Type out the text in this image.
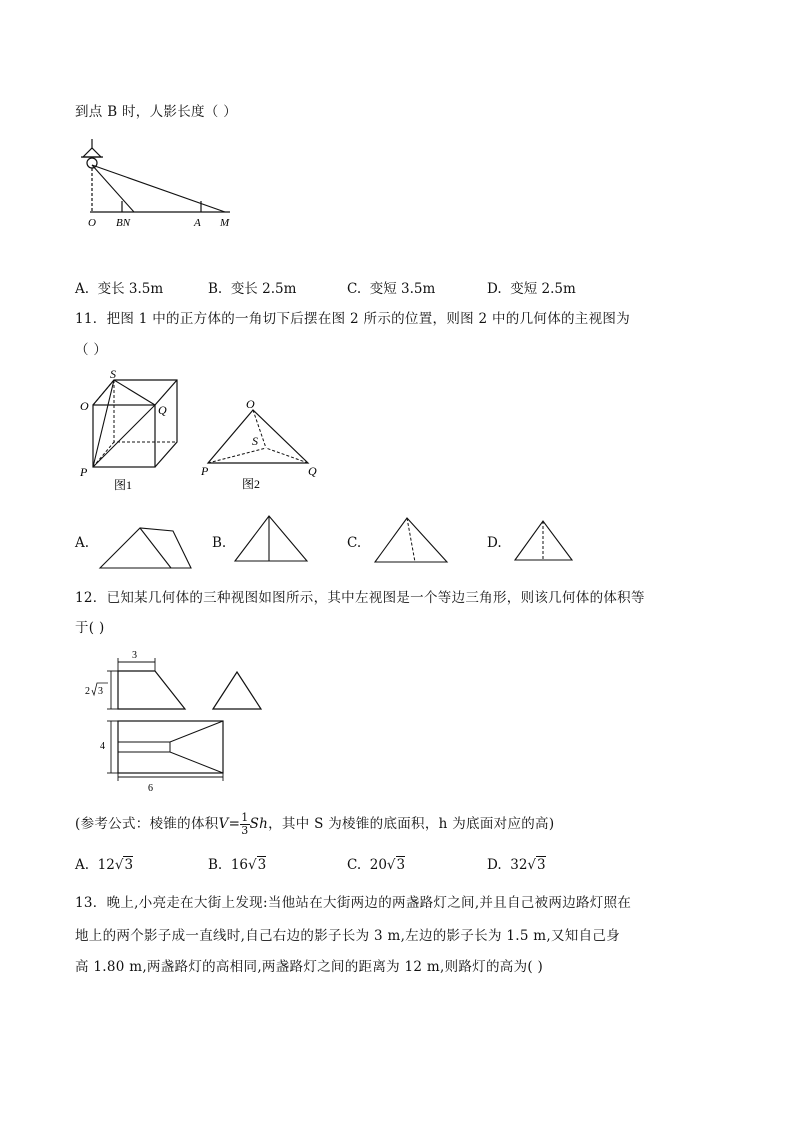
到点 B 时，人影长度（ ）
O BN	A M
A. 变长 3.5m	B. 变长 2.5m	C. 变短 3.5m	D. 变短 2.5m
11．把图 1 中的正方体的一角切下后摆在图 2 所示的位置，则图 2 中的几何体的主视图为
（ ）
S
O	Q
P
图1
O
S
P	Q
图2
A.	B.	C.	D.
12．已知某几何体的三种视图如图所示，其中左视图是一个等边三角形，则该几何体的体积等
于( )
3
2 3
4
6
(参考公式：棱锥的体积$V= \frac{1}{3}$ Sh，其中 S 为棱锥的底面积，h 为底面对应的高)
A. 12√3	B. 16√3	C. 20√3	D. 32√3
13．晚上,小亮走在大街上发现:当他站在大街两边的两盏路灯之间,并且自己被两边路灯照在
地上的两个影子成一直线时,自己右边的影子长为 3 m,左边的影子长为 1.5 m,又知自己身
高 1.80 m,两盏路灯的高相同,两盏路灯之间的距离为 12 m,则路灯的高为( )
